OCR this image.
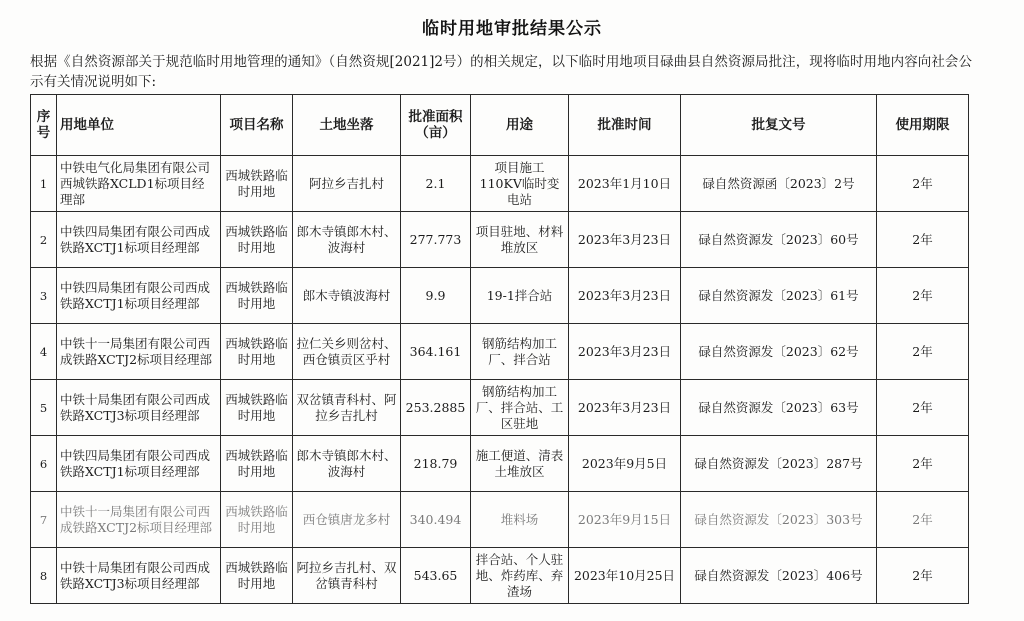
临时用地审批结果公示
根据《自然资源部关于规范临时用地管理的通知》（自然资规[2021]2号）的相关规定，以下临时用地项目碌曲县自然资源局批注，现将临时用地内容向社会公示有关情况说明如下:
序号	用地单位	项目名称	土地坐落	批准面积（亩）	用途	批准时间	批复文号	使用期限
1	中铁电气化局集团有限公司西城铁路XCLD1标项目经理部	西城铁路临时用地	阿拉乡吉扎村	2.1	项目施工110KV临时变电站	2023年1月10日	碌自然资源函〔2023〕2号	2年
2	中铁四局集团有限公司西成铁路XCTJ1标项目经理部	西城铁路临时用地	郎木寺镇郎木村、波海村	277.773	项目驻地、材料堆放区	2023年3月23日	碌自然资源发〔2023〕60号	2年
3	中铁四局集团有限公司西成铁路XCTJ1标项目经理部	西城铁路临时用地	郎木寺镇波海村	9.9	19-1拌合站	2023年3月23日	碌自然资源发〔2023〕61号	2年
4	中铁十一局集团有限公司西成铁路XCTJ2标项目经理部	西城铁路临时用地	拉仁关乡则岔村、西仓镇贡区乎村	364.161	钢筋结构加工厂、拌合站	2023年3月23日	碌自然资源发〔2023〕62号	2年
5	中铁十局集团有限公司西成铁路XCTJ3标项目经理部	西城铁路临时用地	双岔镇青科村、阿拉乡吉扎村	253.2885	钢筋结构加工厂、拌合站、工区驻地	2023年3月23日	碌自然资源发〔2023〕63号	2年
6	中铁四局集团有限公司西成铁路XCTJ1标项目经理部	西城铁路临时用地	郎木寺镇郎木村、波海村	218.79	施工便道、清表土堆放区	2023年9月5日	碌自然资源发〔2023〕287号	2年
7	中铁十一局集团有限公司西成铁路XCTJ2标项目经理部	西城铁路临时用地	西仓镇唐龙多村	340.494	堆料场	2023年9月15日	碌自然资源发〔2023〕303号	2年
8	中铁十局集团有限公司西成铁路XCTJ3标项目经理部	西城铁路临时用地	阿拉乡吉扎村、双岔镇青科村	543.65	拌合站、个人驻地、炸药库、弃渣场	2023年10月25日	碌自然资源发〔2023〕406号	2年
